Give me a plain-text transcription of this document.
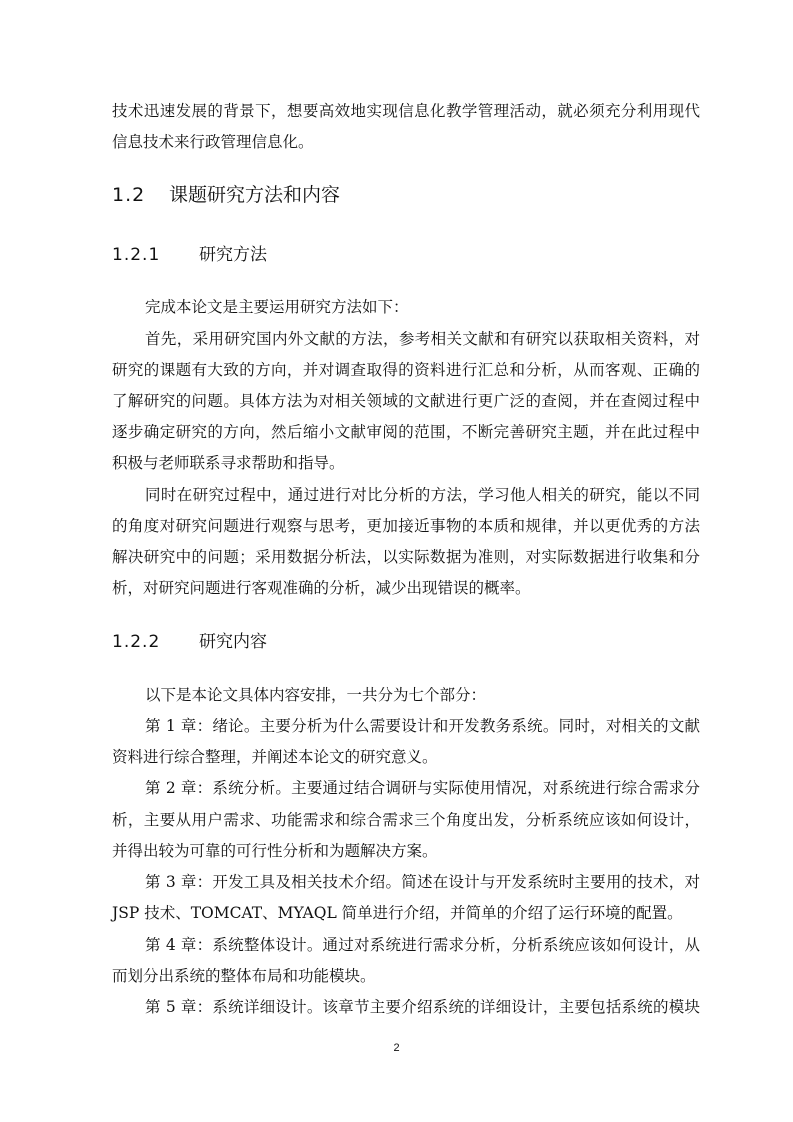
技术迅速发展的背景下，想要高效地实现信息化教学管理活动，就必须充分利用现代
信息技术来行政管理信息化。
1.2 课题研究方法和内容
1.2.1 研究方法
完成本论文是主要运用研究方法如下：
首先，采用研究国内外文献的方法，参考相关文献和有研究以获取相关资料，对
研究的课题有大致的方向，并对调查取得的资料进行汇总和分析，从而客观、正确的
了解研究的问题。具体方法为对相关领域的文献进行更广泛的查阅，并在查阅过程中
逐步确定研究的方向，然后缩小文献审阅的范围，不断完善研究主题，并在此过程中
积极与老师联系寻求帮助和指导。
同时在研究过程中，通过进行对比分析的方法，学习他人相关的研究，能以不同
的角度对研究问题进行观察与思考，更加接近事物的本质和规律，并以更优秀的方法
解决研究中的问题；采用数据分析法，以实际数据为准则，对实际数据进行收集和分
析，对研究问题进行客观准确的分析，减少出现错误的概率。
1.2.2 研究内容
以下是本论文具体内容安排，一共分为七个部分：
第 1 章：绪论。主要分析为什么需要设计和开发教务系统。同时，对相关的文献
资料进行综合整理，并阐述本论文的研究意义。
第 2 章：系统分析。主要通过结合调研与实际使用情况，对系统进行综合需求分
析，主要从用户需求、功能需求和综合需求三个角度出发，分析系统应该如何设计，
并得出较为可靠的可行性分析和为题解决方案。
第 3 章：开发工具及相关技术介绍。简述在设计与开发系统时主要用的技术，对
JSP 技术、TOMCAT、MYAQL 简单进行介绍，并简单的介绍了运行环境的配置。
第 4 章：系统整体设计。通过对系统进行需求分析，分析系统应该如何设计，从
而划分出系统的整体布局和功能模块。
第 5 章：系统详细设计。该章节主要介绍系统的详细设计，主要包括系统的模块
2
